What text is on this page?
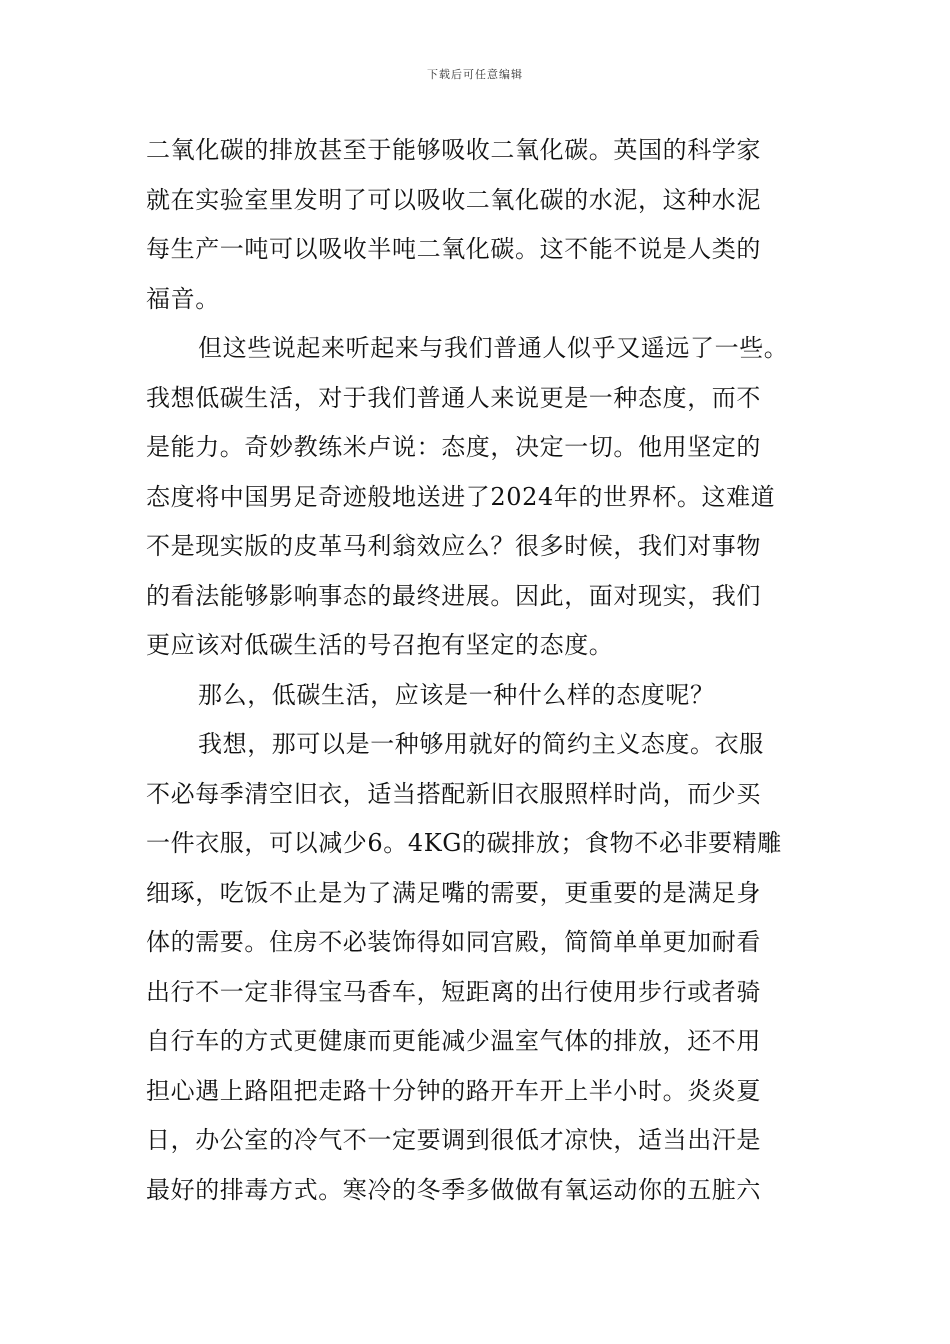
下载后可任意编辑
二氧化碳的排放甚至于能够吸收二氧化碳。英国的科学家
就在实验室里发明了可以吸收二氧化碳的水泥，这种水泥
每生产一吨可以吸收半吨二氧化碳。这不能不说是人类的
福音。
但这些说起来听起来与我们普通人似乎又遥远了一些。
我想低碳生活，对于我们普通人来说更是一种态度，而不
是能力。奇妙教练米卢说：态度，决定一切。他用坚定的
态度将中国男足奇迹般地送进了2024年的世界杯。这难道
不是现实版的皮革马利翁效应么？很多时候，我们对事物
的看法能够影响事态的最终进展。因此，面对现实，我们
更应该对低碳生活的号召抱有坚定的态度。
那么，低碳生活，应该是一种什么样的态度呢？
我想，那可以是一种够用就好的简约主义态度。衣服
不必每季清空旧衣，适当搭配新旧衣服照样时尚，而少买
一件衣服，可以减少6。4KG的碳排放；食物不必非要精雕
细琢，吃饭不止是为了满足嘴的需要，更重要的是满足身
体的需要。住房不必装饰得如同宫殿，简简单单更加耐看
出行不一定非得宝马香车，短距离的出行使用步行或者骑
自行车的方式更健康而更能减少温室气体的排放，还不用
担心遇上路阻把走路十分钟的路开车开上半小时。炎炎夏
日，办公室的冷气不一定要调到很低才凉快，适当出汗是
最好的排毒方式。寒冷的冬季多做做有氧运动你的五脏六
